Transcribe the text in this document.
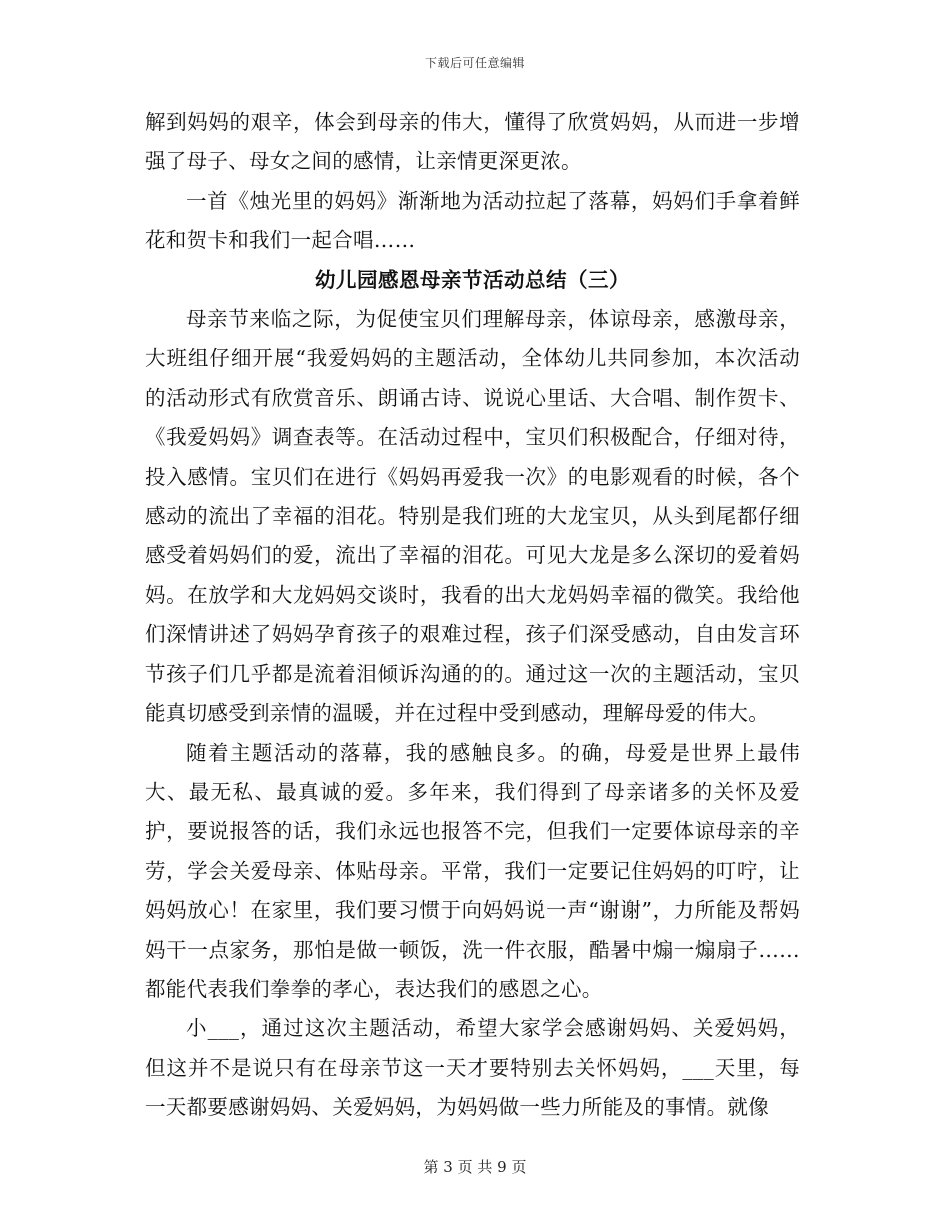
下载后可任意编辑

解到妈妈的艰辛，体会到母亲的伟大，懂得了欣赏妈妈，从而进一步增强了母子、母女之间的感情，让亲情更深更浓。

一首《烛光里的妈妈》渐渐地为活动拉起了落幕，妈妈们手拿着鲜花和贺卡和我们一起合唱……

幼儿园感恩母亲节活动总结（三）

母亲节来临之际，为促使宝贝们理解母亲，体谅母亲，感激母亲，大班组仔细开展“我爱妈妈的主题活动，全体幼儿共同参加，本次活动的活动形式有欣赏音乐、朗诵古诗、说说心里话、大合唱、制作贺卡、《我爱妈妈》调查表等。在活动过程中，宝贝们积极配合，仔细对待，投入感情。宝贝们在进行《妈妈再爱我一次》的电影观看的时候，各个感动的流出了幸福的泪花。特别是我们班的大龙宝贝，从头到尾都仔细感受着妈妈们的爱，流出了幸福的泪花。可见大龙是多么深切的爱着妈妈。在放学和大龙妈妈交谈时，我看的出大龙妈妈幸福的微笑。我给他们深情讲述了妈妈孕育孩子的艰难过程，孩子们深受感动，自由发言环节孩子们几乎都是流着泪倾诉沟通的的。通过这一次的主题活动，宝贝能真切感受到亲情的温暖，并在过程中受到感动，理解母爱的伟大。

随着主题活动的落幕，我的感触良多。的确，母爱是世界上最伟大、最无私、最真诚的爱。多年来，我们得到了母亲诸多的关怀及爱护，要说报答的话，我们永远也报答不完，但我们一定要体谅母亲的辛劳，学会关爱母亲、体贴母亲。平常，我们一定要记住妈妈的叮咛，让妈妈放心！在家里，我们要习惯于向妈妈说一声“谢谢”，力所能及帮妈妈干一点家务，那怕是做一顿饭，洗一件衣服，酷暑中煽一煽扇子……都能代表我们拳拳的孝心，表达我们的感恩之心。

小___，通过这次主题活动，希望大家学会感谢妈妈、关爱妈妈，但这并不是说只有在母亲节这一天才要特别去关怀妈妈，___天里，每一天都要感谢妈妈、关爱妈妈，为妈妈做一些力所能及的事情。就像

第 3 页 共 9 页
